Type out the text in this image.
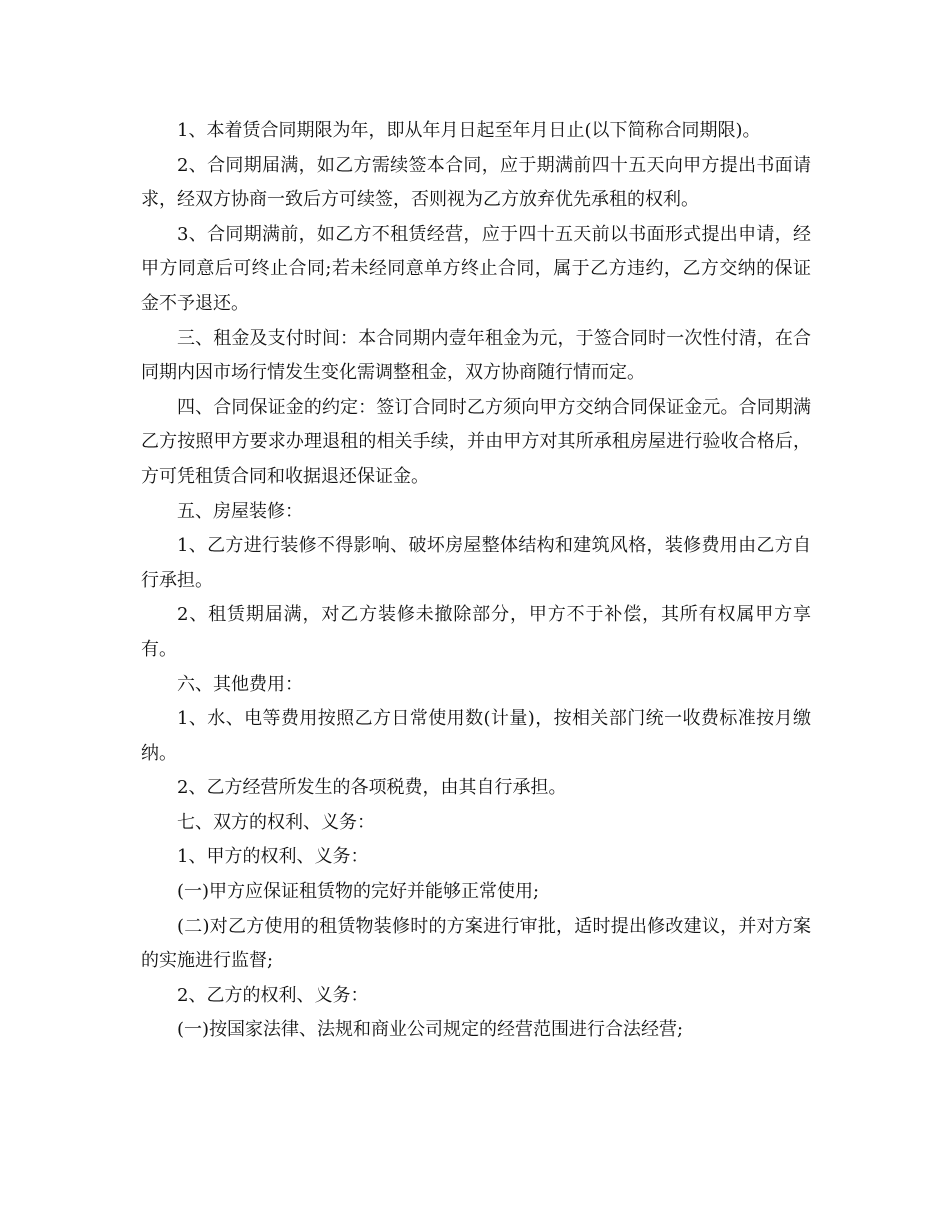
1、本着赁合同期限为年，即从年月日起至年月日止(以下简称合同期限)。

2、合同期届满，如乙方需续签本合同，应于期满前四十五天向甲方提出书面请求，经双方协商一致后方可续签，否则视为乙方放弃优先承租的权利。

3、合同期满前，如乙方不租赁经营，应于四十五天前以书面形式提出申请，经甲方同意后可终止合同;若未经同意单方终止合同，属于乙方违约，乙方交纳的保证金不予退还。

三、租金及支付时间：本合同期内壹年租金为元，于签合同时一次性付清，在合同期内因市场行情发生变化需调整租金，双方协商随行情而定。

四、合同保证金的约定：签订合同时乙方须向甲方交纳合同保证金元。合同期满乙方按照甲方要求办理退租的相关手续，并由甲方对其所承租房屋进行验收合格后，方可凭租赁合同和收据退还保证金。

五、房屋装修：

1、乙方进行装修不得影响、破坏房屋整体结构和建筑风格，装修费用由乙方自行承担。

2、租赁期届满，对乙方装修未撤除部分，甲方不于补偿，其所有权属甲方享有。

六、其他费用：

1、水、电等费用按照乙方日常使用数(计量)，按相关部门统一收费标准按月缴纳。

2、乙方经营所发生的各项税费，由其自行承担。

七、双方的权利、义务：

1、甲方的权利、义务：

(一)甲方应保证租赁物的完好并能够正常使用;

(二)对乙方使用的租赁物装修时的方案进行审批，适时提出修改建议，并对方案的实施进行监督;

2、乙方的权利、义务：

(一)按国家法律、法规和商业公司规定的经营范围进行合法经营;
